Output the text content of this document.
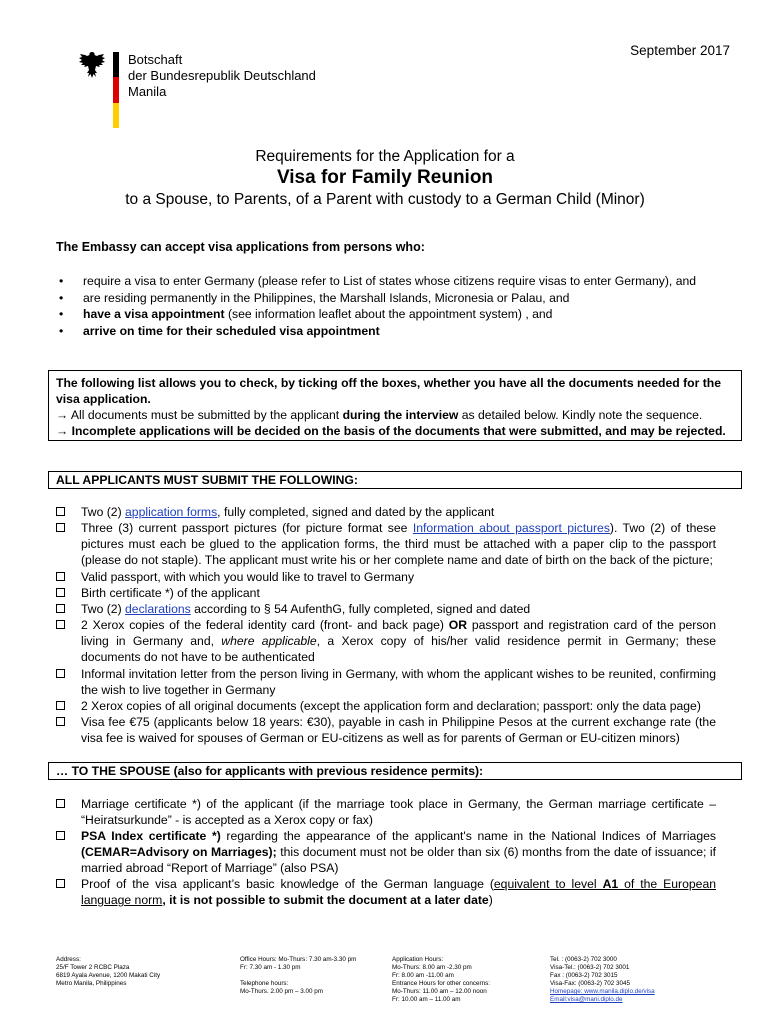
September 2017
Botschaft
der Bundesrepublik Deutschland
Manila
Requirements for the Application for a
Visa for Family Reunion
to a Spouse, to Parents, of a Parent with custody to a German Child (Minor)
The Embassy can accept visa applications from persons who:
• require a visa to enter Germany (please refer to List of states whose citizens require visas to enter Germany), and
• are residing permanently in the Philippines, the Marshall Islands, Micronesia or Palau, and
• have a visa appointment (see information leaflet about the appointment system) , and
• arrive on time for their scheduled visa appointment
The following list allows you to check, by ticking off the boxes, whether you have all the documents needed for the visa application.
→ All documents must be submitted by the applicant during the interview as detailed below. Kindly note the sequence.
→ Incomplete applications will be decided on the basis of the documents that were submitted, and may be rejected.
ALL APPLICANTS MUST SUBMIT THE FOLLOWING:
Two (2) application forms, fully completed, signed and dated by the applicant
Three (3) current passport pictures (for picture format see Information about passport pictures). Two (2) of these pictures must each be glued to the application forms, the third must be attached with a paper clip to the passport (please do not staple). The applicant must write his or her complete name and date of birth on the back of the picture;
Valid passport, with which you would like to travel to Germany
Birth certificate *) of the applicant
Two (2) declarations according to § 54 AufenthG, fully completed, signed and dated
2 Xerox copies of the federal identity card (front- and back page) OR passport and registration card of the person living in Germany and, where applicable, a Xerox copy of his/her valid residence permit in Germany; these documents do not have to be authenticated
Informal invitation letter from the person living in Germany, with whom the applicant wishes to be reunited, confirming the wish to live together in Germany
2 Xerox copies of all original documents (except the application form and declaration; passport: only the data page)
Visa fee €75 (applicants below 18 years: €30), payable in cash in Philippine Pesos at the current exchange rate (the visa fee is waived for spouses of German or EU-citizens as well as for parents of German or EU-citizen minors)
… TO THE SPOUSE (also for applicants with previous residence permits):
Marriage certificate *) of the applicant (if the marriage took place in Germany, the German marriage certificate – “Heiratsurkunde” - is accepted as a Xerox copy or fax)
PSA Index certificate *) regarding the appearance of the applicant's name in the National Indices of Marriages (CEMAR=Advisory on Marriages); this document must not be older than six (6) months from the date of issuance; if married abroad “Report of Marriage” (also PSA)
Proof of the visa applicant’s basic knowledge of the German language (equivalent to level A1 of the European language norm, it is not possible to submit the document at a later date)
Address:
25/F Tower 2 RCBC Plaza
6819 Ayala Avenue, 1200 Makati City
Metro Manila, Philippines
Office Hours: Mo-Thurs: 7.30 am-3.30 pm
Fr: 7.30 am - 1.30 pm

Telephone hours:
Mo-Thurs. 2.00 pm – 3.00 pm
Application Hours:
Mo-Thurs: 8.00 am -2.30 pm
Fr: 8.00 am -11.00 am
Entrance Hours for other concerns:
Mo-Thurs: 11.00 am – 12.00 noon
Fr: 10.00 am – 11.00 am
Tel. : (0063-2) 702 3000
Visa-Tel.: (0063-2) 702 3001
Fax : (0063-2) 702 3015
Visa-Fax: (0063-2) 702 3045
Homepage: www.manila.diplo.de/visa
Email:visa@mani.diplo.de
